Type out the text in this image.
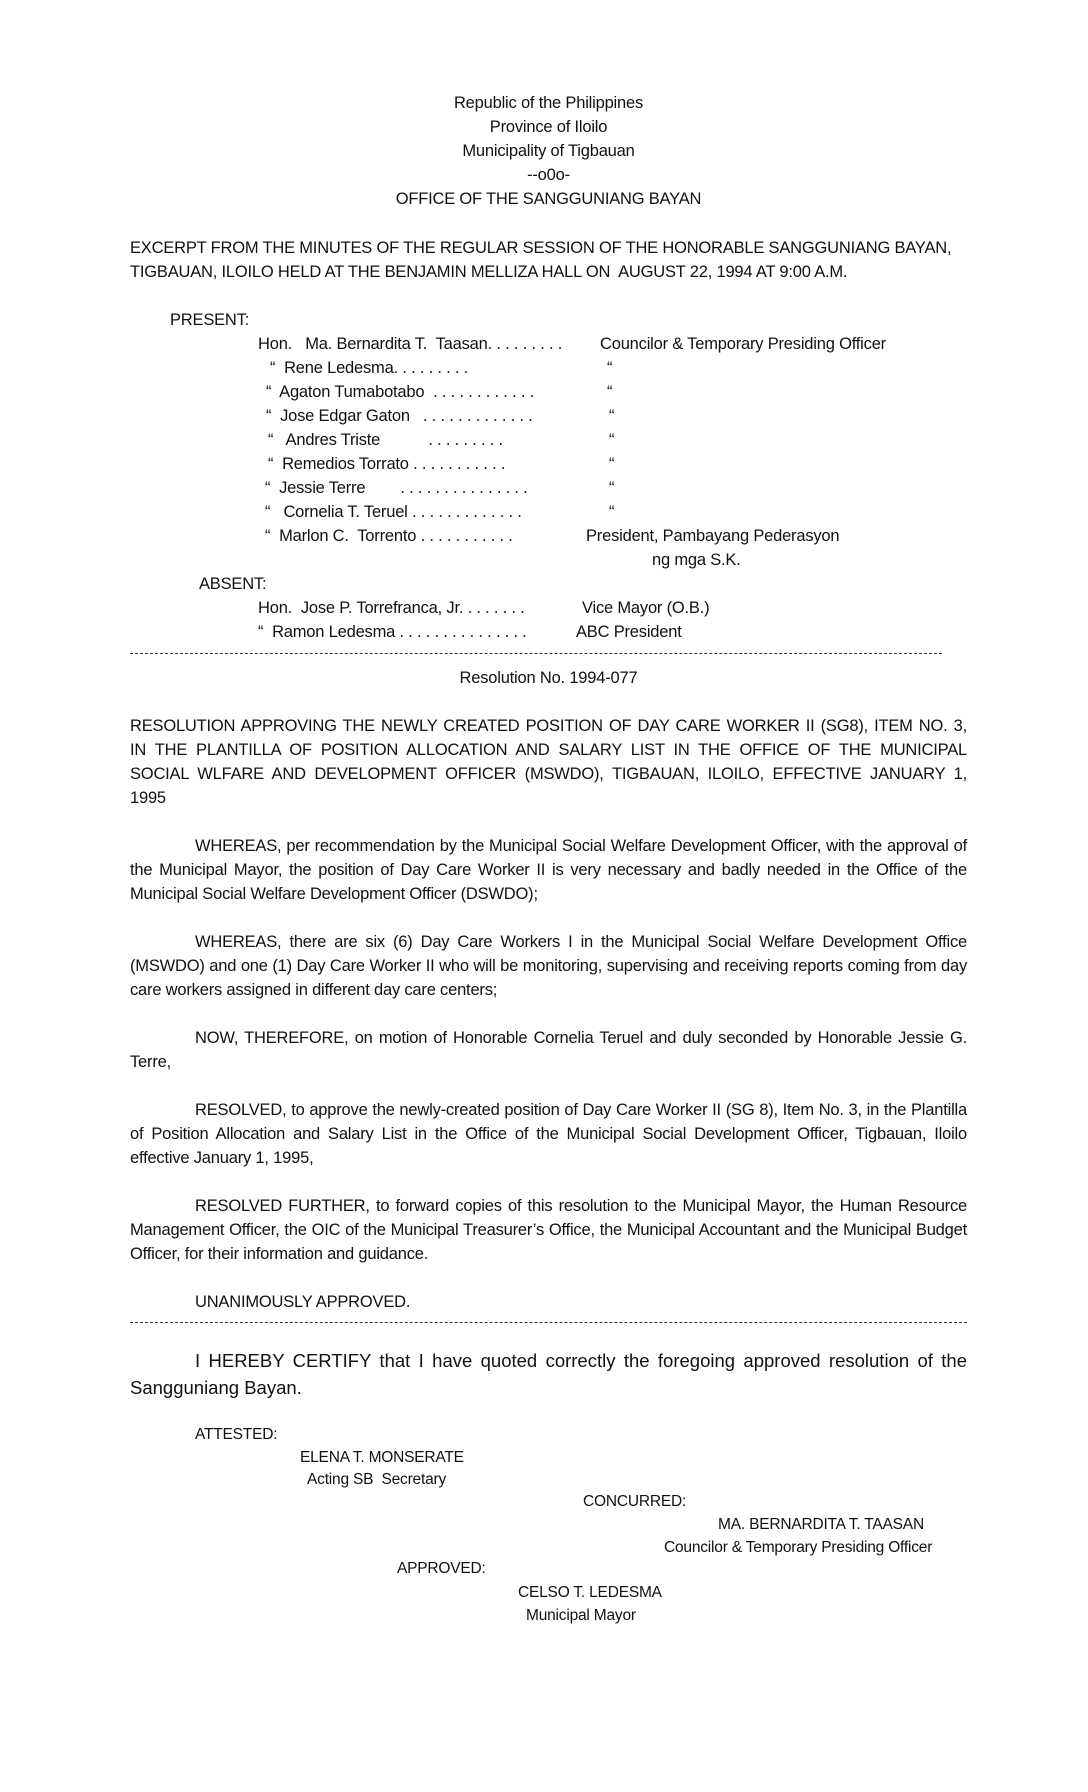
Republic of the Philippines
Province of Iloilo
Municipality of Tigbauan
--o0o-
OFFICE OF THE SANGGUNIANG BAYAN
EXCERPT FROM THE MINUTES OF THE REGULAR SESSION OF THE HONORABLE SANGGUNIANG BAYAN,
TIGBAUAN, ILOILO HELD AT THE BENJAMIN MELLIZA HALL ON  AUGUST 22, 1994 AT 9:00 A.M.
PRESENT:
Hon.   Ma. Bernardita T.  Taasan. . . . . . . . . Councilor & Temporary Presiding Officer
“  Rene Ledesma. . . . . . . . .	“
“  Agaton Tumabotabo  . . . . . . . . . . . .	“
“  Jose Edgar Gaton   . . . . . . . . . . . . .	“
“   Andres Triste           . . . . . . . . .	“
“  Remedios Torrato . . . . . . . . . . .	“
“  Jessie Terre        . . . . . . . . . . . . . . .	“
“   Cornelia T. Teruel . . . . . . . . . . . . .	“
“  Marlon C.  Torrento . . . . . . . . . . .	President, Pambayang Pederasyon
ng mga S.K.
ABSENT:
Hon.  Jose P. Torrefranca, Jr. . . . . . . .	Vice Mayor (O.B.)
“  Ramon Ledesma . . . . . . . . . . . . . . .	ABC President
Resolution No. 1994-077
RESOLUTION APPROVING THE NEWLY CREATED POSITION OF DAY CARE WORKER II (SG8), ITEM NO. 3,
IN THE PLANTILLA OF POSITION ALLOCATION AND SALARY LIST IN THE OFFICE OF THE MUNICIPAL
SOCIAL WLFARE AND DEVELOPMENT OFFICER (MSWDO), TIGBAUAN, ILOILO, EFFECTIVE JANUARY 1,
1995
WHEREAS, per recommendation by the Municipal Social Welfare Development Officer, with the approval of the Municipal Mayor, the position of Day Care Worker II is very necessary and badly needed in the Office of the Municipal Social Welfare Development Officer (DSWDO);
WHEREAS, there are six (6) Day Care Workers I in the Municipal Social Welfare Development Office (MSWDO) and one (1) Day Care Worker II who will be monitoring, supervising and receiving reports coming from day care workers assigned in different day care centers;
NOW, THEREFORE, on motion of Honorable Cornelia Teruel and duly seconded by Honorable Jessie G. Terre,
RESOLVED, to approve the newly-created position of Day Care Worker II (SG 8), Item No. 3, in the Plantilla of Position Allocation and Salary List in the Office of the Municipal Social Development Officer, Tigbauan, Iloilo effective January 1, 1995,
RESOLVED FURTHER, to forward copies of this resolution to the Municipal Mayor, the Human Resource Management Officer, the OIC of the Municipal Treasurer’s Office, the Municipal Accountant and the Municipal Budget Officer, for their information and guidance.
UNANIMOUSLY APPROVED.
I HEREBY CERTIFY that I have quoted correctly the foregoing approved resolution of the Sangguniang Bayan.
ATTESTED:
ELENA T. MONSERATE
Acting SB  Secretary
CONCURRED:
MA. BERNARDITA T. TAASAN
Councilor & Temporary Presiding Officer
APPROVED:
CELSO T. LEDESMA
Municipal Mayor
